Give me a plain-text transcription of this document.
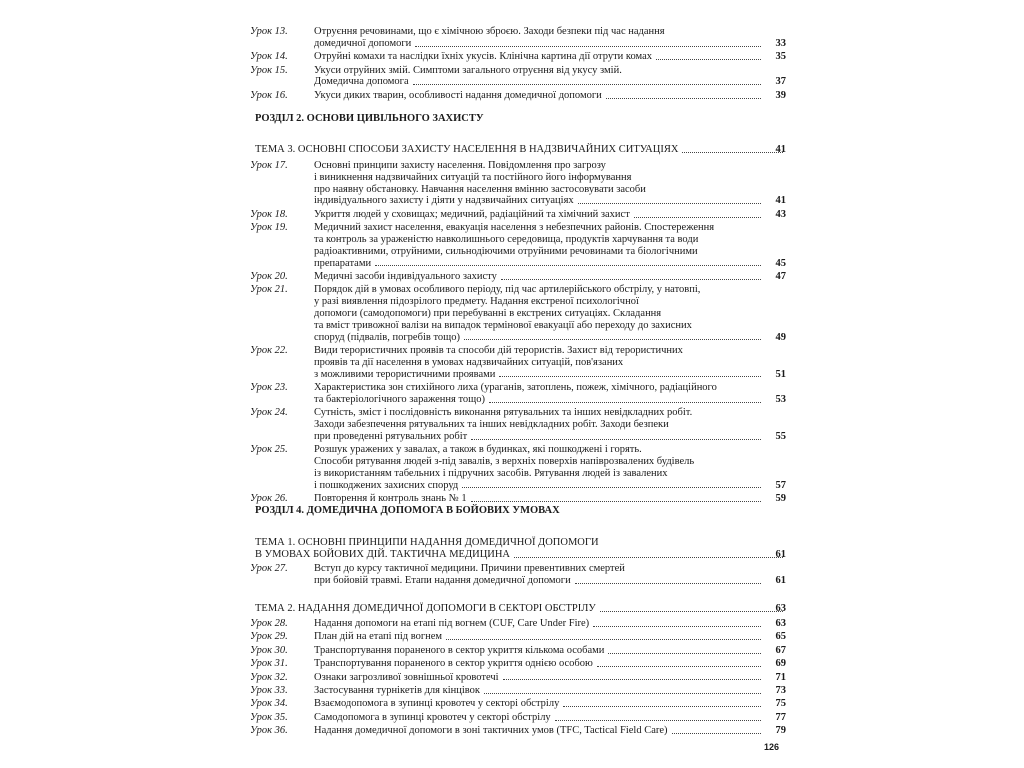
Урок 13.	Отруєння речовинами, що є хімічною зброєю. Заходи безпеки під час надання
домедичної допомоги	33
Урок 14.	Отруйні комахи та наслідки їхніх укусів. Клінічна картина дії отрути комах	35
Урок 15.	Укуси отруйних змій. Симптоми загального отруєння від укусу змій.
Домедична допомога	37
Урок 16.	Укуси диких тварин, особливості надання домедичної допомоги	39
РОЗДІЛ 2. ОСНОВИ ЦИВІЛЬНОГО ЗАХИСТУ
ТЕМА 3. ОСНОВНІ СПОСОБИ ЗАХИСТУ НАСЕЛЕННЯ В НАДЗВИЧАЙНИХ СИТУАЦІЯХ	41
Урок 17.	Основні принципи захисту населення. Повідомлення про загрозу
і виникнення надзвичайних ситуацій та постійного його інформування
про наявну обстановку. Навчання населення вмінню застосовувати засоби
індивідуального захисту і діяти у надзвичайних ситуаціях	41
Урок 18.	Укриття людей у сховищах; медичний, радіаційний та хімічний захист	43
Урок 19.	Медичний захист населення, евакуація населення з небезпечних районів. Спостереження
та контроль за ураженістю навколишнього середовища, продуктів харчування та води
радіоактивними, отруйними, сильнодіючими отруйними речовинами та біологічними
препаратами	45
Урок 20.	Медичні засоби індивідуального захисту	47
Урок 21.	Порядок дій в умовах особливого періоду, під час артилерійського обстрілу, у натовпі,
у разі виявлення підозрілого предмету. Надання екстреної психологічної
допомоги (самодопомоги) при перебуванні в екстрених ситуаціях. Складання
та вміст тривожної валізи на випадок термінової евакуації або переходу до захисних
споруд (підвалів, погребів тощо)	49
Урок 22.	Види терористичних проявів та способи дій терористів. Захист від терористичних
проявів та дії населення в умовах надзвичайних ситуацій, пов'язаних
з можливими терористичними проявами	51
Урок 23.	Характеристика зон стихійного лиха (ураганів, затоплень, пожеж, хімічного, радіаційного
та бактеріологічного зараження тощо)	53
Урок 24.	Сутність, зміст і послідовність виконання рятувальних та інших невідкладних робіт.
Заходи забезпечення рятувальних та інших невідкладних робіт. Заходи безпеки
при проведенні рятувальних робіт	55
Урок 25.	Розшук уражених у завалах, а також в будинках, які пошкоджені і горять.
Способи рятування людей з-під завалів, з верхніх поверхів напіврозвалених будівель
із використанням табельних і підручних засобів. Рятування людей із завалених
і пошкоджених захисних споруд	57
Урок 26.	Повторення й контроль знань № 1	59
РОЗДІЛ 4. ДОМЕДИЧНА ДОПОМОГА В БОЙОВИХ УМОВАХ
ТЕМА 1. ОСНОВНІ ПРИНЦИПИ НАДАННЯ ДОМЕДИЧНОЇ ДОПОМОГИ
В УМОВАХ БОЙОВИХ ДІЙ. ТАКТИЧНА МЕДИЦИНА	61
Урок 27.	Вступ до курсу тактичної медицини. Причини превентивних смертей
при бойовій травмі. Етапи надання домедичної допомоги	61
ТЕМА 2. НАДАННЯ ДОМЕДИЧНОЇ ДОПОМОГИ В СЕКТОРІ ОБСТРІЛУ	63
Урок 28.	Надання допомоги на етапі під вогнем (CUF, Care Under Fire)	63
Урок 29.	План дій на етапі під вогнем	65
Урок 30.	Транспортування пораненого в сектор укриття кількома особами	67
Урок 31.	Транспортування пораненого в сектор укриття однією особою	69
Урок 32.	Ознаки загрозливої зовнішньої кровотечі	71
Урок 33.	Застосування турнікетів для кінцівок	73
Урок 34.	Взаємодопомога в зупинці кровотеч у секторі обстрілу	75
Урок 35.	Самодопомога в зупинці кровотеч у секторі обстрілу	77
Урок 36.	Надання домедичної допомоги в зоні тактичних умов (TFC, Tactical Field Care)	79
126
